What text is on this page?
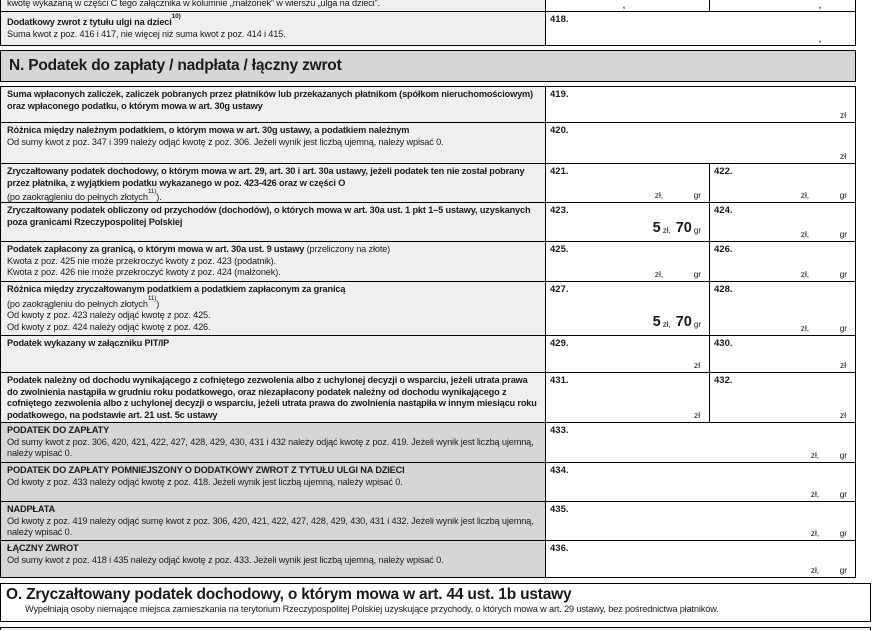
kwotę wykazaną w części C tego załącznika w kolumnie „małżonek” w wierszu „ulga na dzieci”.	,	,
Dodatkowy zwrot z tytułu ulgi na dzieci$^{10)}$
Suma kwot z poz. 416 i 417, nie więcej niż suma kwot z poz. 414 i 415.
418.
,
N. Podatek do zapłaty / nadpłata / łączny zwrot
Suma wpłaconych zaliczek, zaliczek pobranych przez płatników lub przekazanych płatnikom (spółkom nieruchomościowym) oraz wpłaconego podatku, o którym mowa w art. 30g ustawy
419.
zł
Różnica między należnym podatkiem, o którym mowa w art. 30g ustawy, a podatkiem należnym
Od sumy kwot z poz. 347 i 399 należy odjąć kwotę z poz. 306. Jeżeli wynik jest liczbą ujemną, należy wpisać 0.
420.
zł
Zryczałtowany podatek dochodowy, o którym mowa w art. 29, art. 30 i art. 30a ustawy, jeżeli podatek ten nie został pobrany przez płatnika, z wyjątkiem podatku wykazanego w poz. 423-426 oraz w części O
(po zaokrągleniu do pełnych złotych$^{11)}$).
421.
zł,	gr
422.
zł,	gr
Zryczałtowany podatek obliczony od przychodów (dochodów), o których mowa w art. 30a ust. 1 pkt 1–5 ustawy, uzyskanych poza granicami Rzeczypospolitej Polskiej
423.
5 zł, 70 gr
424.
zł,	gr
Podatek zapłacony za granicą, o którym mowa w art. 30a ust. 9 ustawy (przeliczony na złote)
Kwota z poz. 425 nie może przekroczyć kwoty z poz. 423 (podatnik).
Kwota z poz. 426 nie może przekroczyć kwoty z poz. 424 (małżonek).
425.
zł,	gr
426.
zł,	gr
Różnica między zryczałtowanym podatkiem a podatkiem zapłaconym za granicą
(po zaokrągleniu do pełnych złotych$^{11)}$)
Od kwoty z poz. 423 należy odjąć kwotę z poz. 425.
Od kwoty z poz. 424 należy odjąć kwotę z poz. 426.
427.
5 zł, 70 gr
428.
zł,	gr
Podatek wykazany w załączniku PIT/IP	429.
zł
430.
zł
Podatek należny od dochodu wynikającego z cofniętego zezwolenia albo z uchylonej decyzji o wsparciu, jeżeli utrata prawa do zwolnienia nastąpiła w grudniu roku podatkowego, oraz niezapłacony podatek należny od dochodu wynikającego z cofniętego zezwolenia albo z uchylonej decyzji o wsparciu, jeżeli utrata prawa do zwolnienia nastąpiła w innym miesiącu roku podatkowego, na podstawie art. 21 ust. 5c ustawy
431.
zł
432.
zł
PODATEK DO ZAPŁATY
Od sumy kwot z poz. 306, 420, 421, 422, 427, 428, 429, 430, 431 i 432 należy odjąć kwotę z poz. 419. Jeżeli wynik jest liczbą ujemną, należy wpisać 0.
433.
zł, gr
PODATEK DO ZAPŁATY POMNIEJSZONY O DODATKOWY ZWROT Z TYTUŁU ULGI NA DZIECI
Od kwoty z poz. 433 należy odjąć kwotę z poz. 418. Jeżeli wynik jest liczbą ujemną, należy wpisać 0.
434.
zł, gr
NADPŁATA
Od kwoty z poz. 419 należy odjąć sumę kwot z poz. 306, 420, 421, 422, 427, 428, 429, 430, 431 i 432. Jeżeli wynik jest liczbą ujemną, należy wpisać 0.
435.
zł, gr
ŁĄCZNY ZWROT
Od sumy kwot z poz. 418 i 435 należy odjąć kwotę z poz. 433. Jeżeli wynik jest liczbą ujemną, należy wpisać 0.
436.
zł, gr
O. Zryczałtowany podatek dochodowy, o którym mowa w art. 44 ust. 1b ustawy
Wypełniają osoby niemające miejsca zamieszkania na terytorium Rzeczypospolitej Polskiej uzyskujące przychody, o których mowa w art. 29 ustawy, bez pośrednictwa płatników.
